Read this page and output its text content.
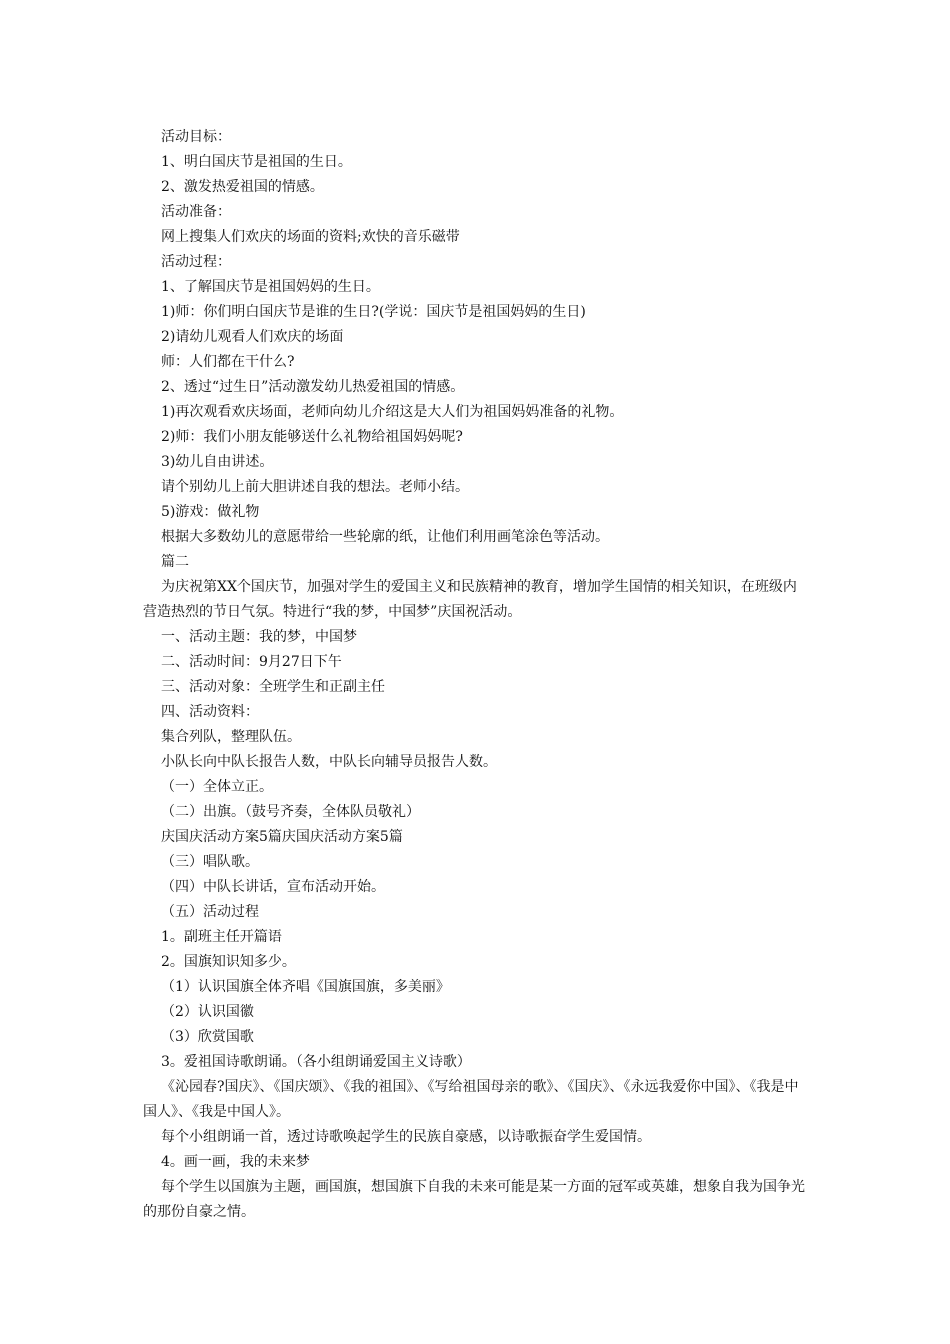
活动目标：

1、明白国庆节是祖国的生日。

2、激发热爱祖国的情感。

活动准备：

网上搜集人们欢庆的场面的资料;欢快的音乐磁带

活动过程：

1、了解国庆节是祖国妈妈的生日。

1)师：你们明白国庆节是谁的生日?(学说：国庆节是祖国妈妈的生日)

2)请幼儿观看人们欢庆的场面

师：人们都在干什么?

2、透过“过生日”活动激发幼儿热爱祖国的情感。

1)再次观看欢庆场面，老师向幼儿介绍这是大人们为祖国妈妈准备的礼物。

2)师：我们小朋友能够送什么礼物给祖国妈妈呢?

3)幼儿自由讲述。

请个别幼儿上前大胆讲述自我的想法。老师小结。

5)游戏：做礼物

根据大多数幼儿的意愿带给一些轮廓的纸，让他们利用画笔涂色等活动。

篇二

为庆祝第XX个国庆节，加强对学生的爱国主义和民族精神的教育，增加学生国情的相关知识，在班级内营造热烈的节日气氛。特进行“我的梦，中国梦”庆国祝活动。

一、活动主题：我的梦，中国梦

二、活动时间：9月27日下午

三、活动对象：全班学生和正副主任

四、活动资料：

集合列队，整理队伍。

小队长向中队长报告人数，中队长向辅导员报告人数。

（一）全体立正。

（二）出旗。（鼓号齐奏，全体队员敬礼）

庆国庆活动方案5篇庆国庆活动方案5篇

（三）唱队歌。

（四）中队长讲话，宣布活动开始。

（五）活动过程

1。副班主任开篇语

2。国旗知识知多少。

（1）认识国旗全体齐唱《国旗国旗，多美丽》

（2）认识国徽

（3）欣赏国歌

3。爱祖国诗歌朗诵。（各小组朗诵爱国主义诗歌）

《沁园春?国庆》、《国庆颂》、《我的祖国》、《写给祖国母亲的歌》、《国庆》、《永远我爱你中国》、《我是中国人》、《我是中国人》。

每个小组朗诵一首，透过诗歌唤起学生的民族自豪感，以诗歌振奋学生爱国情。

4。画一画，我的未来梦

每个学生以国旗为主题，画国旗，想国旗下自我的未来可能是某一方面的冠军或英雄，想象自我为国争光的那份自豪之情。
